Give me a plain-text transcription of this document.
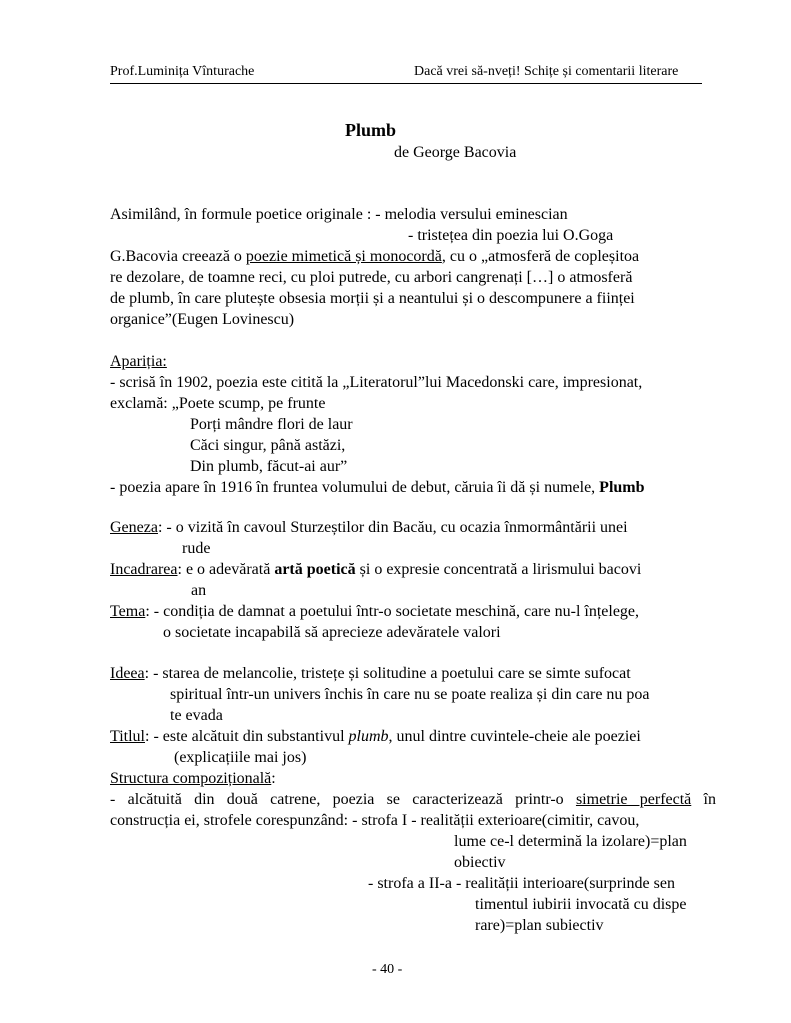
Prof.Luminița Vînturache	Dacă vrei să-nveți! Schițe și comentarii literare
Plumb
de George Bacovia
Asimilând, în formule poetice originale : - melodia versului eminescian
- tristețea din poezia lui O.Goga
G.Bacovia creează o poezie mimetică și monocordă, cu o „atmosferă de copleșitoa
re dezolare, de toamne reci, cu ploi putrede, cu arbori cangrenați […] o atmosferă
de plumb, în care plutește obsesia morții și a neantului și o descompunere a ființei
organice”(Eugen Lovinescu)
Apariția:
- scrisă în 1902, poezia este citită la „Literatorul”lui Macedonski care, impresionat,
exclamă: „Poete scump, pe frunte
Porți mândre flori de laur
Căci singur, până astăzi,
Din plumb, făcut-ai aur”
- poezia apare în 1916 în fruntea volumului de debut, căruia îi dă și numele, Plumb
Geneza: - o vizită în cavoul Sturzeștilor din Bacău, cu ocazia înmormântării unei
rude
Incadrarea: e o adevărată artă poetică și o expresie concentrată a lirismului bacovi
an
Tema: - condiția de damnat a poetului într-o societate meschină, care nu-l înțelege,
o societate incapabilă să aprecieze adevăratele valori
Ideea: - starea de melancolie, tristețe și solitudine a poetului care se simte sufocat
spiritual într-un univers închis în care nu se poate realiza și din care nu poa
te evada
Titlul: - este alcătuit din substantivul plumb, unul dintre cuvintele-cheie ale poeziei
(explicațiile mai jos)
Structura compozițională:
- alcătuită din două catrene, poezia se caracterizează printr-o simetrie perfectă în
construcția ei, strofele corespunzând: - strofa I - realității exterioare(cimitir, cavou,
lume ce-l determină la izolare)=plan
obiectiv
- strofa a II-a - realității interioare(surprinde sen
timentul iubirii invocată cu dispe
rare)=plan subiectiv
- 40 -
